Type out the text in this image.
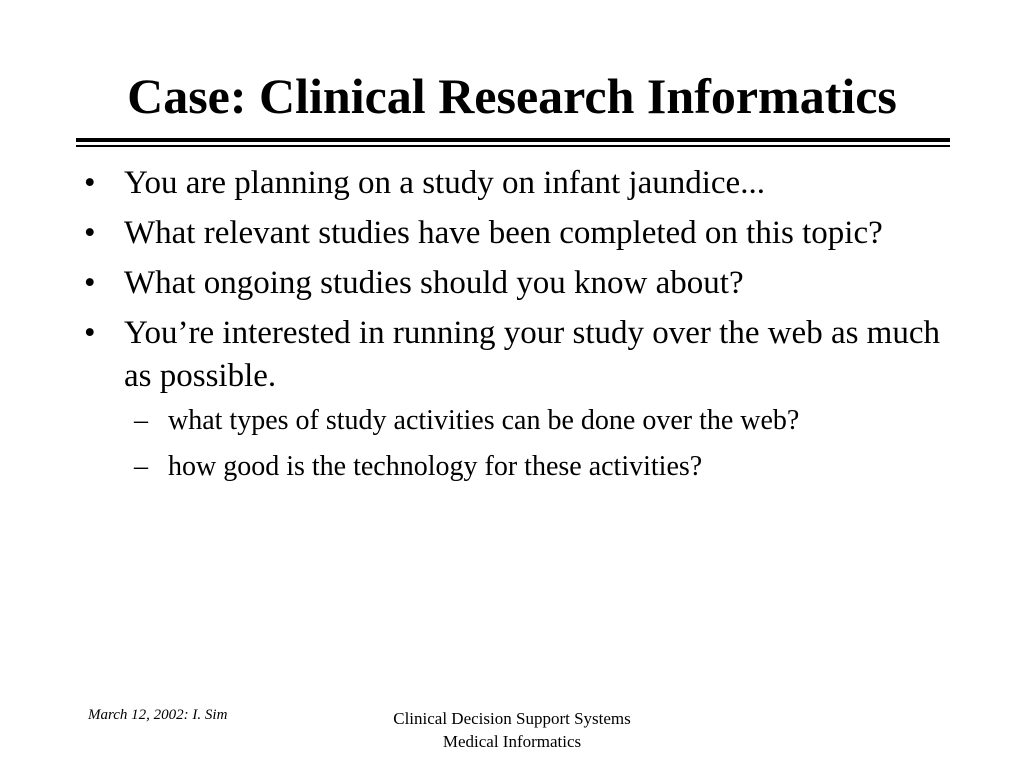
Case: Clinical Research Informatics
• You are planning on a study on infant jaundice...
• What relevant studies have been completed on this topic?
• What ongoing studies should you know about?
• You’re interested in running your study over the web as much as possible.
– what types of study activities can be done over the web?
– how good is the technology for these activities?
March 12, 2002: I. Sim	Clinical Decision Support Systems
Medical Informatics
